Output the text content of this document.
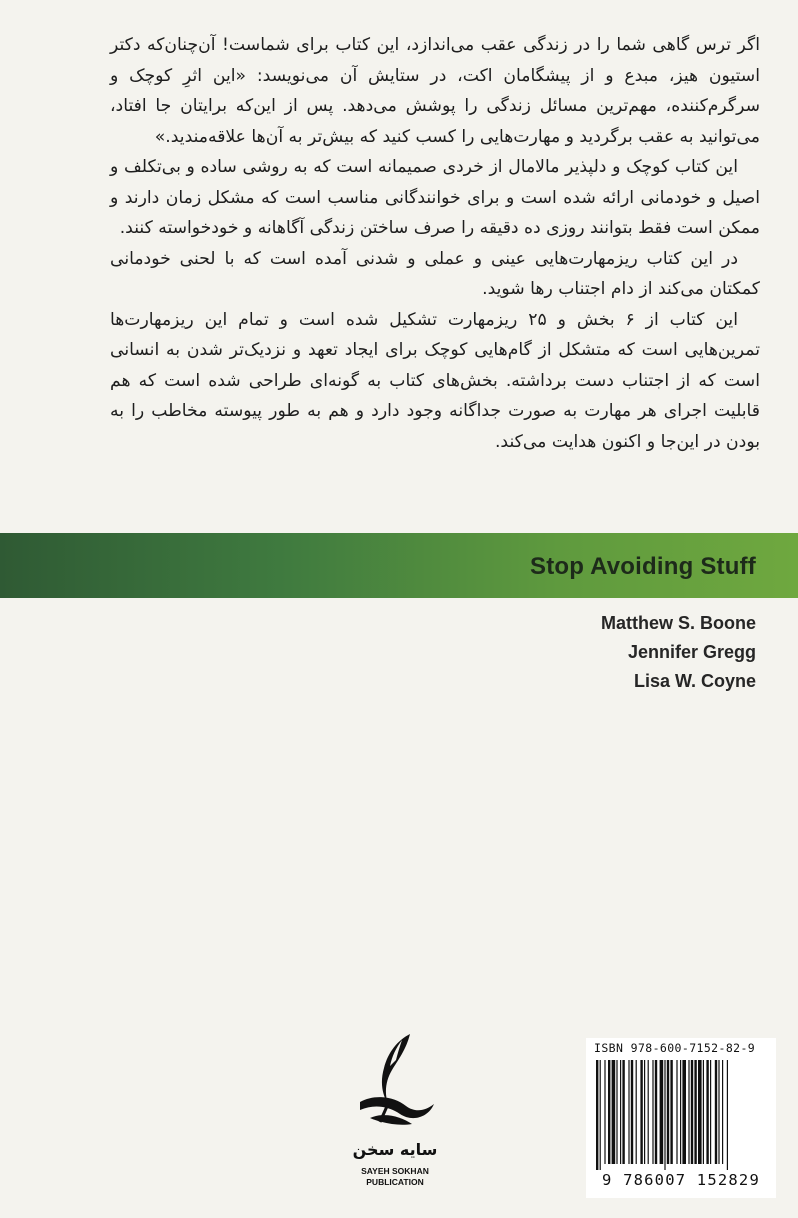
اگر ترس گاهی شما را در زندگی عقب می‌اندازد، این کتاب برای شماست! آن‌چنان‌که دکتر استیون هیز، مبدع و از پیشگامان اکت، در ستایش آن می‌نویسد: «این اثرِ کوچک و سرگرم‌کننده، مهم‌ترین مسائل زندگی را پوشش می‌دهد. پس از این‌که برایتان جا افتاد، می‌توانید به عقب برگردید و مهارت‌هایی را کسب کنید که بیش‌تر به آن‌ها علاقه‌مندید.»

این کتاب کوچک و دلپذیر مالامال از خردی صمیمانه است که به روشی ساده و بی‌تکلف و اصیل و خودمانی ارائه شده است و برای خوانندگانی مناسب است که مشکل زمان دارند و ممکن است فقط بتوانند روزی ده دقیقه را صرف ساختن زندگی آگاهانه و خودخواسته کنند.

در این کتاب ریزمهارت‌هایی عینی و عملی و شدنی آمده است که با لحنی خودمانی کمکتان می‌کند از دام اجتناب رها شوید.

این کتاب از ۶ بخش و ۲۵ ریزمهارت تشکیل شده است و تمام این ریزمهارت‌ها تمرین‌هایی است که متشکل از گام‌هایی کوچک برای ایجاد تعهد و نزدیک‌تر شدن به انسانی است که از اجتناب دست برداشته. بخش‌های کتاب به گونه‌ای طراحی شده است که هم قابلیت اجرای هر مهارت به صورت جداگانه وجود دارد و هم به طور پیوسته مخاطب را به بودن در این‌جا و اکنون هدایت می‌کند.

Stop Avoiding Stuff
Matthew S. Boone
Jennifer Gregg
Lisa W. Coyne
سایه سخن
SAYEH SOKHAN
PUBLICATION
ISBN 978-600-7152-82-9
9 786007 152829
